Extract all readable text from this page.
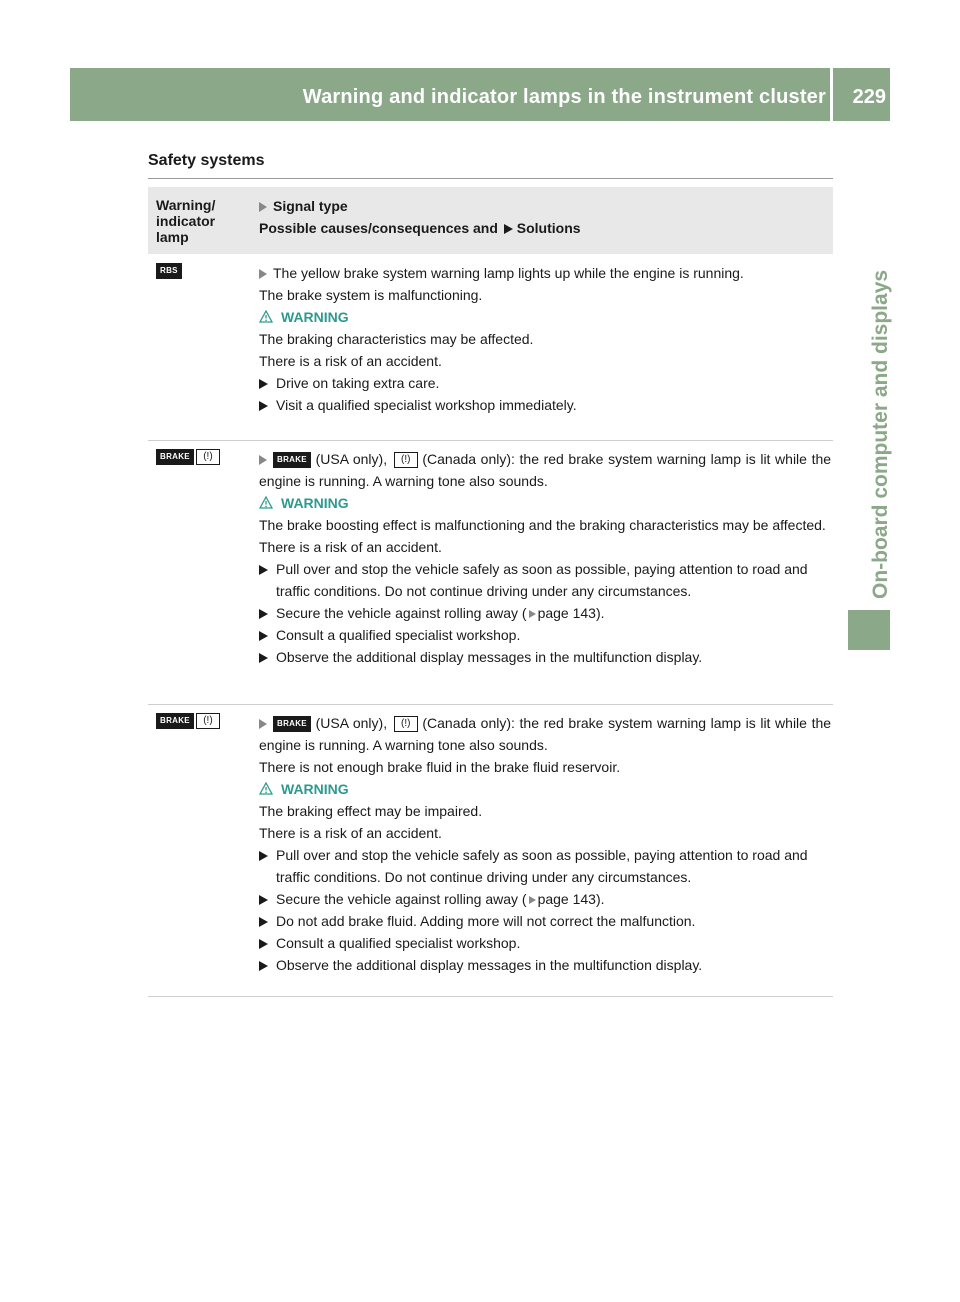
Warning and indicator lamps in the instrument cluster 229
On-board computer and displays
Safety systems
Warning/ indicator lamp
Signal type
Possible causes/consequences and Solutions
RBS	The yellow brake system warning lamp lights up while the engine is running.

The brake system is malfunctioning.

WARNING

The braking characteristics may be affected.

There is a risk of an accident.

Drive on taking extra care.

Visit a qualified specialist workshop immediately.

BRAKE (!)	BRAKE (USA only), (!) (Canada only): the red brake system warning lamp is lit while the engine is running. A warning tone also sounds.

WARNING

The brake boosting effect is malfunctioning and the braking characteristics may be affected.

There is a risk of an accident.

Pull over and stop the vehicle safely as soon as possible, paying attention to road and traffic conditions. Do not continue driving under any circumstances.

Secure the vehicle against rolling away ( page 143).

Consult a qualified specialist workshop.

Observe the additional display messages in the multifunction display.

BRAKE (!)	BRAKE (USA only), (!) (Canada only): the red brake system warning lamp is lit while the engine is running. A warning tone also sounds.

There is not enough brake fluid in the brake fluid reservoir.

WARNING

The braking effect may be impaired.

There is a risk of an accident.

Pull over and stop the vehicle safely as soon as possible, paying attention to road and traffic conditions. Do not continue driving under any circumstances.

Secure the vehicle against rolling away ( page 143).

Do not add brake fluid. Adding more will not correct the malfunction.

Consult a qualified specialist workshop.

Observe the additional display messages in the multifunction display.
